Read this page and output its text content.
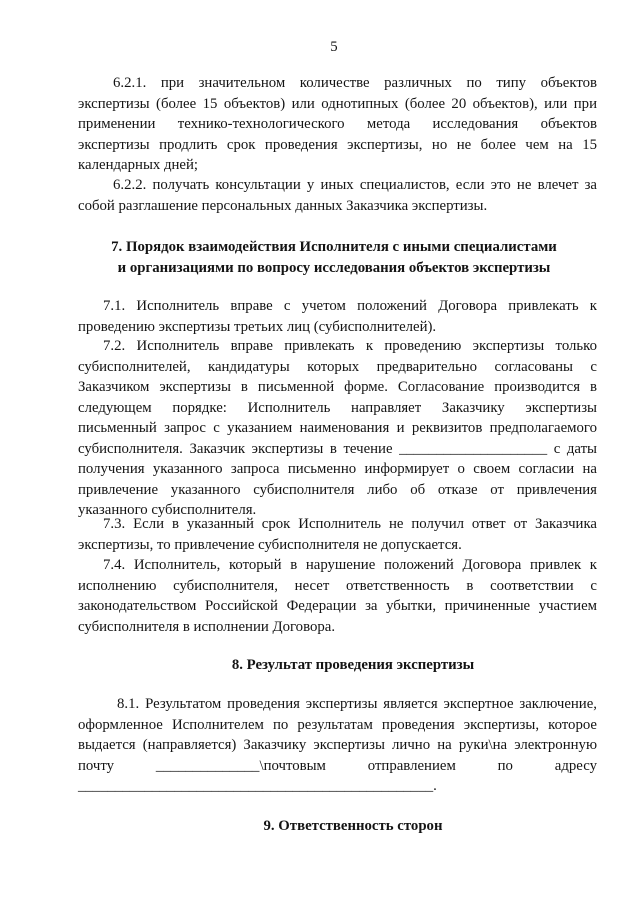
5
6.2.1. при значительном количестве различных по типу объектов
экспертизы (более 15 объектов) или однотипных (более 20 объектов), или при
применении технико-технологического метода исследования объектов
экспертизы продлить срок проведения экспертизы, но не более чем на 15
календарных дней;
6.2.2. получать консультации у иных специалистов, если это не влечет за
собой разглашение персональных данных Заказчика экспертизы.
7. Порядок взаимодействия Исполнителя с иными специалистами
и организациями по вопросу исследования объектов экспертизы
7.1. Исполнитель вправе с учетом положений Договора привлекать к
проведению экспертизы третьих лиц (субисполнителей).
7.2. Исполнитель вправе привлекать к проведению экспертизы только
субисполнителей, кандидатуры которых предварительно согласованы с
Заказчиком экспертизы в письменной форме. Согласование производится в
следующем порядке: Исполнитель направляет Заказчику экспертизы
письменный запрос с указанием наименования и реквизитов предполагаемого
субисполнителя. Заказчик экспертизы в течение ____________________ с даты
получения указанного запроса письменно информирует о своем согласии на
привлечение указанного субисполнителя либо об отказе от привлечения
указанного субисполнителя.
7.3. Если в указанный срок Исполнитель не получил ответ от Заказчика
экспертизы, то привлечение субисполнителя не допускается.
7.4. Исполнитель, который в нарушение положений Договора привлек к
исполнению субисполнителя, несет ответственность в соответствии с
законодательством Российской Федерации за убытки, причиненные участием
субисполнителя в исполнении Договора.
8. Результат проведения экспертизы
8.1. Результатом проведения экспертизы является экспертное заключение,
оформленное Исполнителем по результатам проведения экспертизы, которое
выдается (направляется) Заказчику экспертизы лично на руки\на электронную
почту ______________\почтовым отправлением по адресу
________________________________________________.
9. Ответственность сторон
